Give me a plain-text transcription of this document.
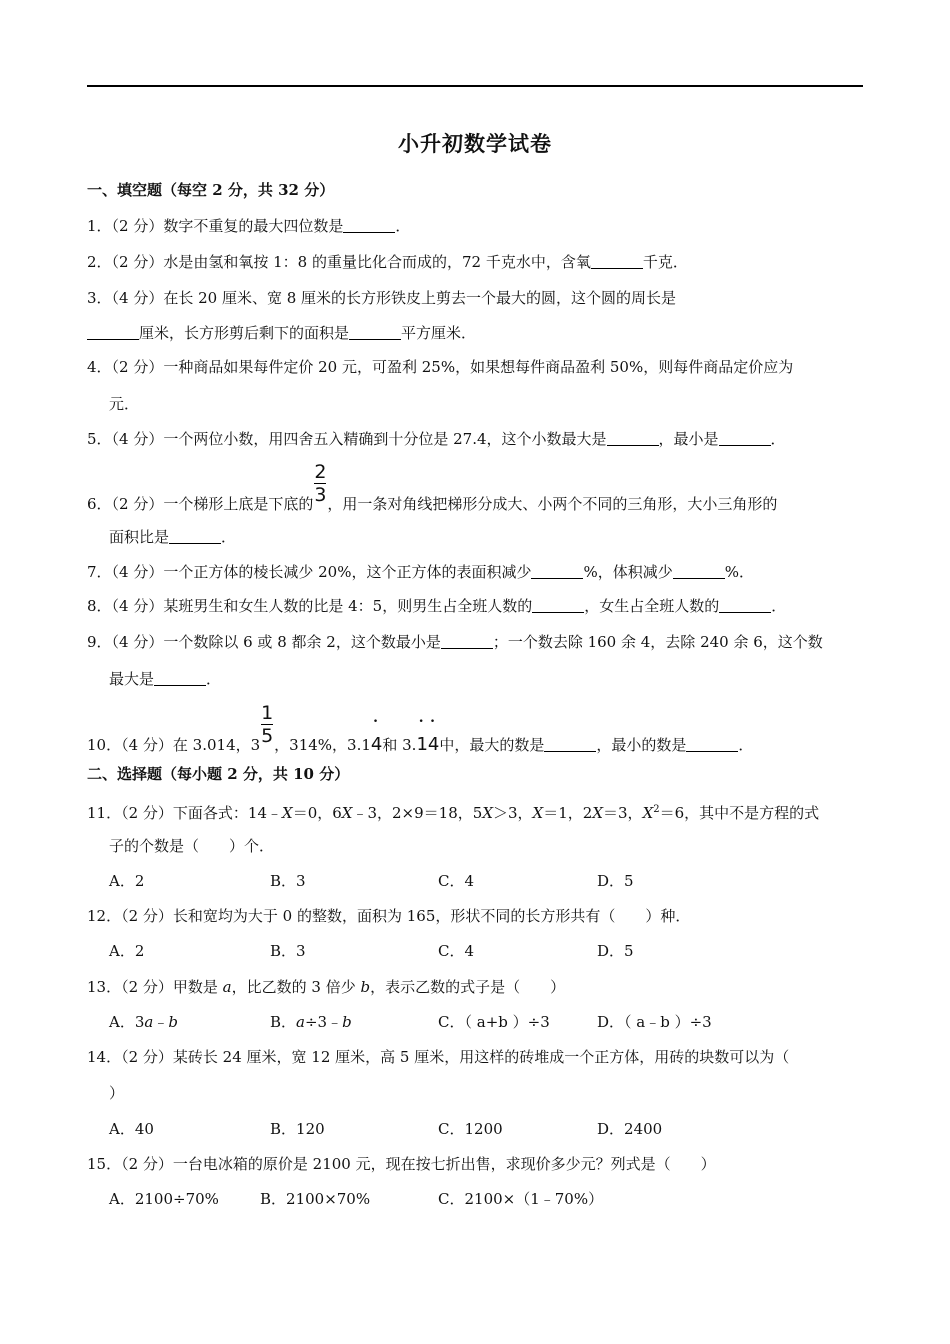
小升初数学试卷
一、填空题（每空 2 分，共 32 分）
1．（2 分）数字不重复的最大四位数是	．
2．（2 分）水是由氢和氧按 1：8 的重量比化合而成的，72 千克水中，含氧	千克．
3．（4 分）在长 20 厘米、宽 8 厘米的长方形铁皮上剪去一个最大的圆，这个圆的周长是
厘米，长方形剪后剩下的面积是	平方厘米．
4．（2 分）一种商品如果每件定价 20 元，可盈利 25%，如果想每件商品盈利 50%，则每件商品定价应为
元．
5．（4 分）一个两位小数，用四舍五入精确到十分位是 27.4，这个小数最大是	，最小是	．
6．（2 分）一个梯形上底是下底的 $\frac{2}{3}$ ，用一条对角线把梯形分成大、小两个不同的三角形，大小三角形的
面积比是	．
7．（4 分）一个正方体的棱长减少 20%，这个正方体的表面积减少	%，体积减少	%．
8．（4 分）某班男生和女生人数的比是 4：5，则男生占全班人数的	，女生占全班人数的	．
9．（4 分）一个数除以 6 或 8 都余 2，这个数最小是	；一个数去除 160 余 4，去除 240 余 6，这个数
最大是	．
10．（4 分）在 3.014，$3 \frac{1}{5}$ ，314%，3.1• 4和 3.• 1• 4中，最大的数是	，最小的数是	．
二、选择题（每小题 2 分，共 10 分）
11．（2 分）下面各式：14﹣X＝0，6X﹣3，2×9＝18，5X＞3，X＝1，2X＝3，$X^2=6$，其中不是方程的式
子的个数是（　　）个．
A．2	B．3	C．4	D．5
12．（2 分）长和宽均为大于 0 的整数，面积为 165，形状不同的长方形共有（　　）种．
A．2	B．3	C．4	D．5
13．（2 分）甲数是 a，比乙数的 3 倍少 b，表示乙数的式子是（　　）
A．3a﹣b	B．a÷3﹣b	C．（ a+b ）÷3	D．（ a﹣b ）÷3
14．（2 分）某砖长 24 厘米，宽 12 厘米，高 5 厘米，用这样的砖堆成一个正方体，用砖的块数可以为（
）
A．40	B．120	C．1200	D．2400
15．（2 分）一台电冰箱的原价是 2100 元，现在按七折出售，求现价多少元？列式是（　　）
A．2100÷70%	B．2100×70%	C．2100×（1﹣70%）
